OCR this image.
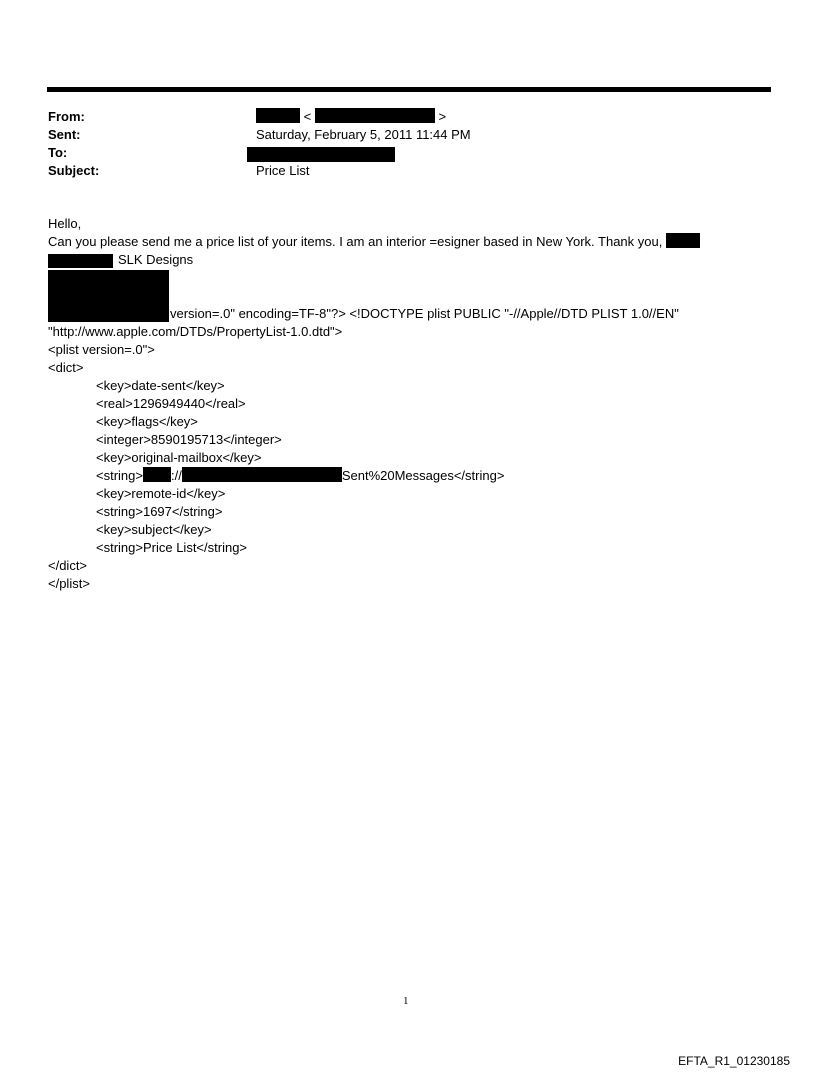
From:	<	>
Sent:	Saturday, February 5, 2011 11:44 PM
To:
Subject:	Price List
Hello,
Can you please send me a price list of your items. I am an interior =esigner based in New York. Thank you,
SLK Designs
version=.0" encoding=TF-8"?> <!DOCTYPE plist PUBLIC "-//Apple//DTD PLIST 1.0//EN"
"http://www.apple.com/DTDs/PropertyList-1.0.dtd">
<plist version=.0">
<dict>
<key>date-sent</key>
<real>1296949440</real>
<key>flags</key>
<integer>8590195713</integer>
<key>original-mailbox</key>
<string> ://	Sent%20Messages</string>
<key>remote-id</key>
<string>1697</string>
<key>subject</key>
<string>Price List</string>
</dict>
</plist>
1
EFTA_R1_01230185
